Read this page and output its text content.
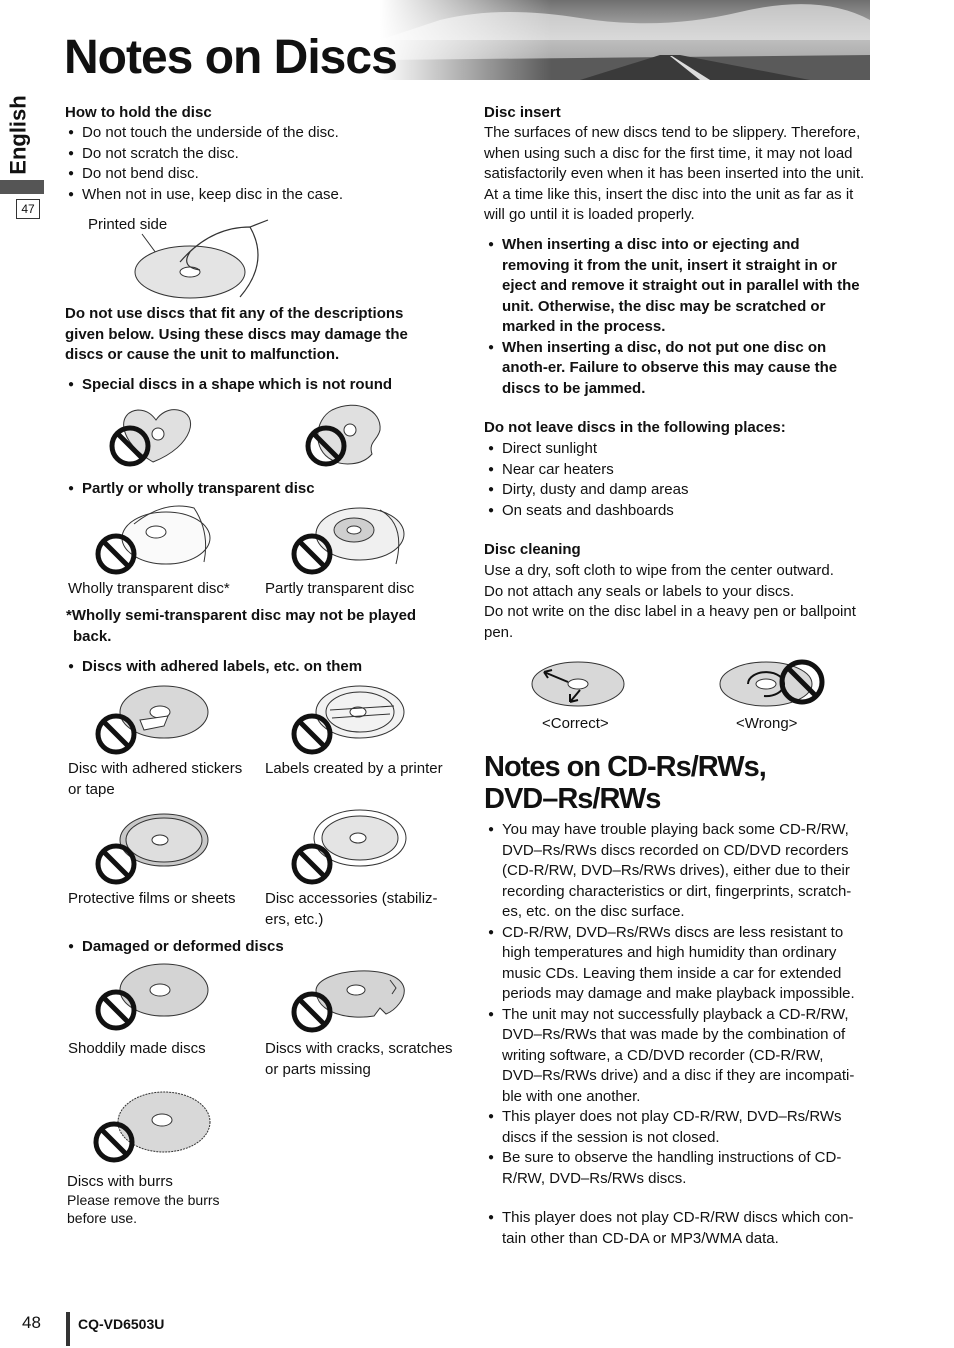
Notes on Discs
English
47
How to hold the disc
● Do not touch the underside of the disc.
● Do not scratch the disc.
● Do not bend disc.
● When not in use, keep disc in the case.
Printed side
Do not use discs that fit any of the descriptions given below. Using these discs may damage the discs or cause the unit to malfunction.
● Special discs in a shape which is not round
● Partly or wholly transparent disc
Wholly transparent disc* Partly transparent disc
*Wholly semi-transparent disc may not be played back.
● Discs with adhered labels, etc. on them
Disc with adhered stickers or tape
Labels created by a printer
Protective films or sheets	Disc accessories (stabiliz-ers, etc.)
● Damaged or deformed discs
Shoddily made discs	Discs with cracks, scratches or parts missing
Discs with burrs
Please remove the burrs before use.
Disc insert
The surfaces of new discs tend to be slippery. Therefore, when using such a disc for the first time, it may not load satisfactorily even when it has been inserted into the unit. At a time like this, insert the disc into the unit as far as it will go until it is loaded properly.
● When inserting a disc into or ejecting and removing it from the unit, insert it straight in or eject and remove it straight out in parallel with the unit. Otherwise, the disc may be scratched or marked in the process.
● When inserting a disc, do not put one disc on anoth-er. Failure to observe this may cause the discs to be jammed.
Do not leave discs in the following places:
● Direct sunlight
● Near car heaters
● Dirty, dusty and damp areas
● On seats and dashboards
Disc cleaning
Use a dry, soft cloth to wipe from the center outward.
Do not attach any seals or labels to your discs.
Do not write on the disc label in a heavy pen or ballpoint pen.
<Correct>	<Wrong>
Notes on CD-Rs/RWs,
DVD–Rs/RWs
● You may have trouble playing back some CD-R/RW, DVD–Rs/RWs discs recorded on CD/DVD recorders (CD-R/RW, DVD–Rs/RWs drives), either due to their recording characteristics or dirt, fingerprints, scratch-es, etc. on the disc surface.
● CD-R/RW, DVD–Rs/RWs discs are less resistant to high temperatures and high humidity than ordinary music CDs. Leaving them inside a car for extended periods may damage and make playback impossible.
● The unit may not successfully playback a CD-R/RW, DVD–Rs/RWs that was made by the combination of writing software, a CD/DVD recorder (CD-R/RW, DVD–Rs/RWs drive) and a disc if they are incompati-ble with one another.
● This player does not play CD-R/RW, DVD–Rs/RWs discs if the session is not closed.
● Be sure to observe the handling instructions of CD-R/RW, DVD–Rs/RWs discs.
● This player does not play CD-R/RW discs which con-tain other than CD-DA or MP3/WMA data.
48	CQ-VD6503U
